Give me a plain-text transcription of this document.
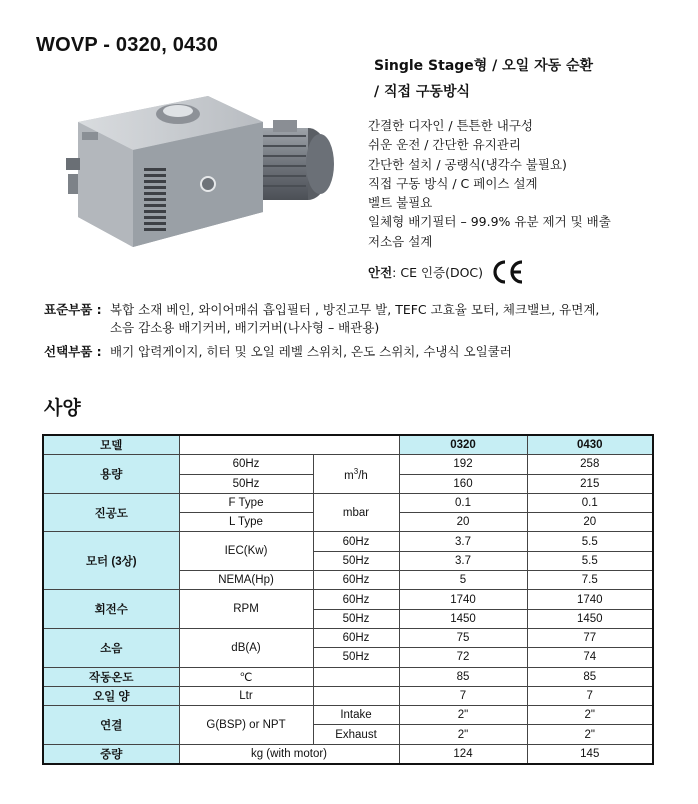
WOVP - 0320, 0430
Single Stage형 / 오일 자동 순환
/ 직접 구동방식
간결한 디자인 / 튼튼한 내구성
쉬운 운전 / 간단한 유지관리
간단한 설치 / 공랭식(냉각수 불필요)
직접 구동 방식 / C 페이스 설계
벨트 불필요
일체형 배기필터 – 99.9% 유분 제거 및 배출
저소음 설계
안전 : CE 인증(DOC)
표준부품 : 복합 소재 베인, 와이어매쉬 흡입필터 , 방진고무 발, TEFC 고효율 모터, 체크밸브, 유면계,
소음 감소용 배기커버, 배기커버(나사형 – 배관용)
선택부품 : 배기 압력게이지, 히터 및 오일 레벨 스위치, 온도 스위치, 수냉식 오일쿨러
사양
모델			0320	0430
용량	60Hz	$m^3/h$	192	258
	50Hz		160	215
진공도	F Type	mbar	0.1	0.1
	L Type		20	20
모터 (3상)	IEC(Kw)	60Hz	3.7	5.5
		50Hz	3.7	5.5
	NEMA(Hp)	60Hz	5	7.5
회전수	RPM	60Hz	1740	1740
		50Hz	1450	1450
소음	dB(A)	60Hz	75	77
		50Hz	72	74
작동온도	℃		85	85
오일 양	Ltr		7	7
연결	G(BSP) or NPT	Intake	2"	2"
		Exhaust	2"	2"
중량	kg (with motor)		124	145
